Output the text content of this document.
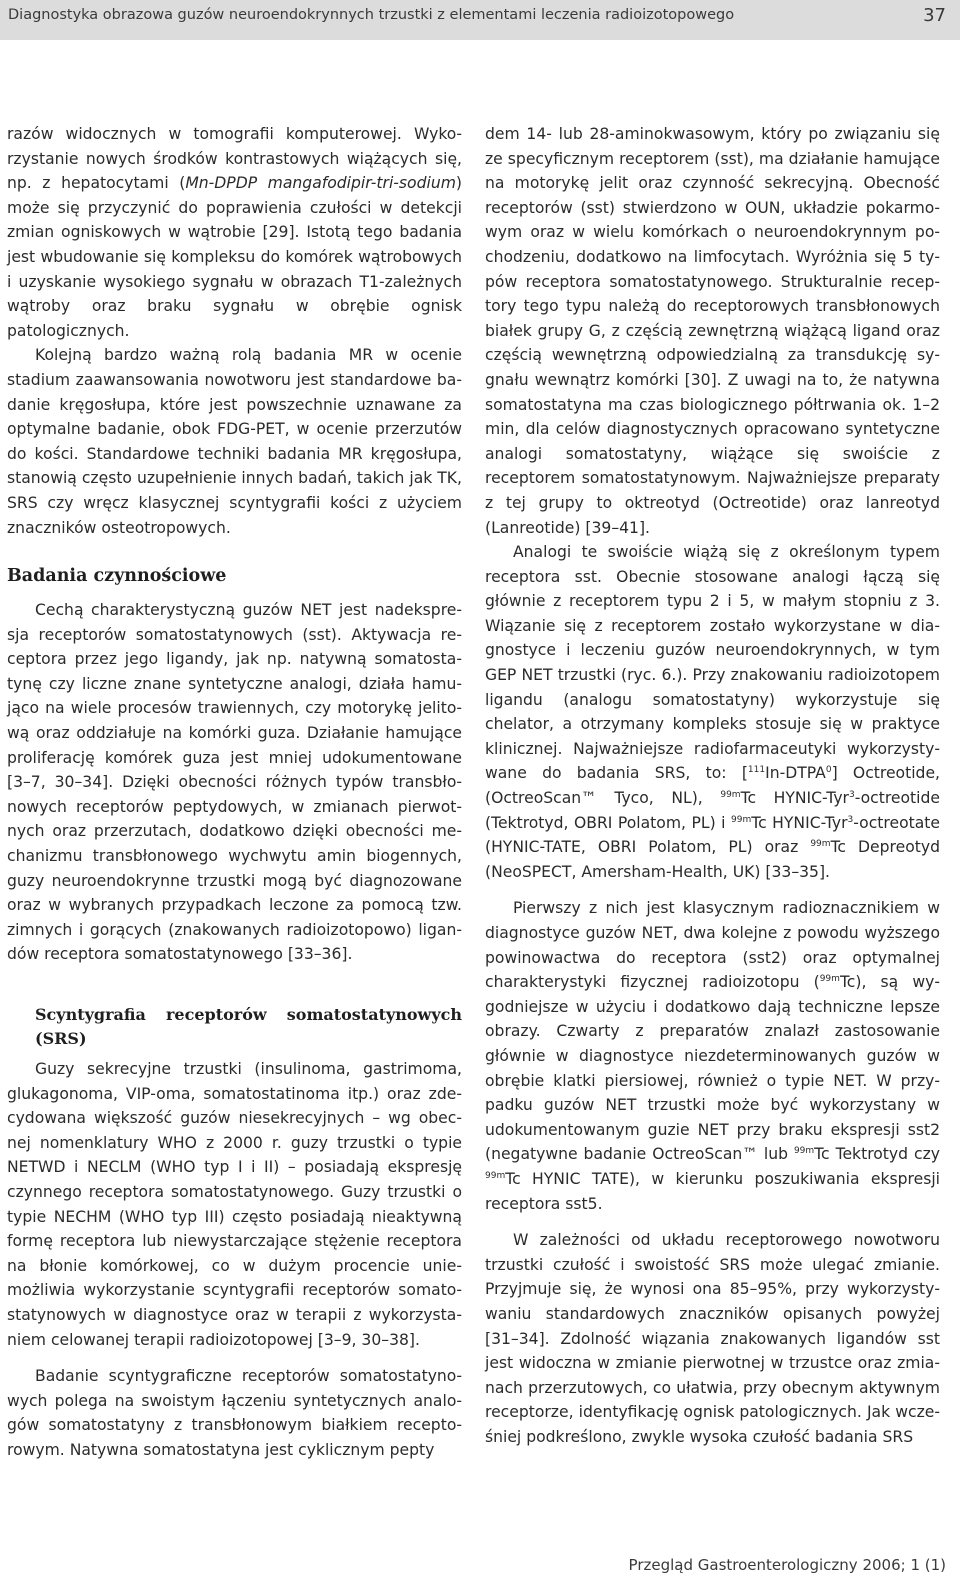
Diagnostyka obrazowa guzów neuroendokrynnych trzustki z elementami leczenia radioizotopowego	37

razów widocznych w tomografii komputerowej. Wykorzystanie nowych środków kontrastowych wiążących się, np. z hepatocytami (Mn-DPDP mangafodipir-tri-sodium) może się przyczynić do poprawienia czułości w detekcji zmian ogniskowych w wątrobie [29]. Istotą tego badania jest wbudowanie się kompleksu do komórek wątrobowych i uzyskanie wysokiego sygnału w obrazach T1-zależnych wątroby oraz braku sygnału w obrębie ognisk patologicznych.

Kolejną bardzo ważną rolą badania MR w ocenie stadium zaawansowania nowotworu jest standardowe badanie kręgosłupa, które jest powszechnie uznawane za optymalne badanie, obok FDG-PET, w ocenie przerzutów do kości. Standardowe techniki badania MR kręgosłupa, stanowią często uzupełnienie innych badań, takich jak TK, SRS czy wręcz klasycznej scyntygrafii kości z użyciem znaczników osteotropowych.

Badania czynnościowe

Cechą charakterystyczną guzów NET jest nadekspresja receptorów somatostatynowych (sst). Aktywacja receptora przez jego ligandy, jak np. natywną somatostatynę czy liczne znane syntetyczne analogi, działa hamująco na wiele procesów trawiennych, czy motorykę jelitową oraz oddziałuje na komórki guza. Działanie hamujące proliferację komórek guza jest mniej udokumentowane [3–7, 30–34]. Dzięki obecności różnych typów transbłonowych receptorów peptydowych, w zmianach pierwotnych oraz przerzutach, dodatkowo dzięki obecności mechanizmu transbłonowego wychwytu amin biogennych, guzy neuroendokrynne trzustki mogą być diagnozowane oraz w wybranych przypadkach leczone za pomocą tzw. zimnych i gorących (znakowanych radioizotopowo) ligandów receptora somatostatynowego [33–36].

Scyntygrafia receptorów somatostatynowych (SRS)

Guzy sekrecyjne trzustki (insulinoma, gastrimoma, glukagonoma, VIP-oma, somatostatinoma itp.) oraz zdecydowana większość guzów niesekrecyjnych – wg obecnej nomenklatury WHO z 2000 r. guzy trzustki o typie NETWD i NECLM (WHO typ I i II) – posiadają ekspresję czynnego receptora somatostatynowego. Guzy trzustki o typie NECHM (WHO typ III) często posiadają nieaktywną formę receptora lub niewystarczające stężenie receptora na błonie komórkowej, co w dużym procencie uniemożliwia wykorzystanie scyntygrafii receptorów somatostatynowych w diagnostyce oraz w terapii z wykorzystaniem celowanej terapii radioizotopowej [3–9, 30–38].

Badanie scyntygraficzne receptorów somatostatynowych polega na swoistym łączeniu syntetycznych analogów somatostatyny z transbłonowym białkiem receptorowym. Natywna somatostatyna jest cyklicznym pepty

dem 14- lub 28-aminokwasowym, który po związaniu się ze specyficznym receptorem (sst), ma działanie hamujące na motorykę jelit oraz czynność sekrecyjną. Obecność receptorów (sst) stwierdzono w OUN, układzie pokarmowym oraz w wielu komórkach o neuroendokrynnym pochodzeniu, dodatkowo na limfocytach. Wyróżnia się 5 typów receptora somatostatynowego. Strukturalnie receptory tego typu należą do receptorowych transbłonowych białek grupy G, z częścią zewnętrzną wiążącą ligand oraz częścią wewnętrzną odpowiedzialną za transdukcję sygnału wewnątrz komórki [30]. Z uwagi na to, że natywna somatostatyna ma czas biologicznego półtrwania ok. 1–2 min, dla celów diagnostycznych opracowano syntetyczne analogi somatostatyny, wiążące się swoiście z receptorem somatostatynowym. Najważniejsze preparaty z tej grupy to oktreotyd (Octreotide) oraz lanreotyd (Lanreotide) [39–41].

Analogi te swoiście wiążą się z określonym typem receptora sst. Obecnie stosowane analogi łączą się głównie z receptorem typu 2 i 5, w małym stopniu z 3. Wiązanie się z receptorem zostało wykorzystane w diagnostyce i leczeniu guzów neuroendokrynnych, w tym GEP NET trzustki (ryc. 6.). Przy znakowaniu radioizotopem ligandu (analogu somatostatyny) wykorzystuje się chelator, a otrzymany kompleks stosuje się w praktyce klinicznej. Najważniejsze radiofarmaceutyki wykorzystywane do badania SRS, to: [$^{111}$In-DTPA$^0$] Octreotide, (OctreoScan™ Tyco, NL), $^{99m}$Tc HYNIC-Tyr$^3$-octreotide (Tektrotyd, OBRI Polatom, PL) i $^{99m}$Tc HYNIC-Tyr$^3$-octreotate (HYNIC-TATE, OBRI Polatom, PL) oraz $^{99m}$Tc Depreotyd (NeoSPECT, Amersham-Health, UK) [33–35].

Pierwszy z nich jest klasycznym radioznacznikiem w diagnostyce guzów NET, dwa kolejne z powodu wyższego powinowactwa do receptora (sst2) oraz optymalnej charakterystyki fizycznej radioizotopu ($^{99m}$Tc), są wygodniejsze w użyciu i dodatkowo dają techniczne lepsze obrazy. Czwarty z preparatów znalazł zastosowanie głównie w diagnostyce niezdeterminowanych guzów w obrębie klatki piersiowej, również o typie NET. W przypadku guzów NET trzustki może być wykorzystany w udokumentowanym guzie NET przy braku ekspresji sst2 (negatywne badanie OctreoScan™ lub $^{99m}$Tc Tektrotyd czy $^{99m}$Tc HYNIC TATE), w kierunku poszukiwania ekspresji receptora sst5.

W zależności od układu receptorowego nowotworu trzustki czułość i swoistość SRS może ulegać zmianie. Przyjmuje się, że wynosi ona 85–95%, przy wykorzystywaniu standardowych znaczników opisanych powyżej [31–34]. Zdolność wiązania znakowanych ligandów sst jest widoczna w zmianie pierwotnej w trzustce oraz zmianach przerzutowych, co ułatwia, przy obecnym aktywnym receptorze, identyfikację ognisk patologicznych. Jak wcześniej podkreślono, zwykle wysoka czułość badania SRS

Przegląd Gastroenterologiczny 2006; 1 (1)
